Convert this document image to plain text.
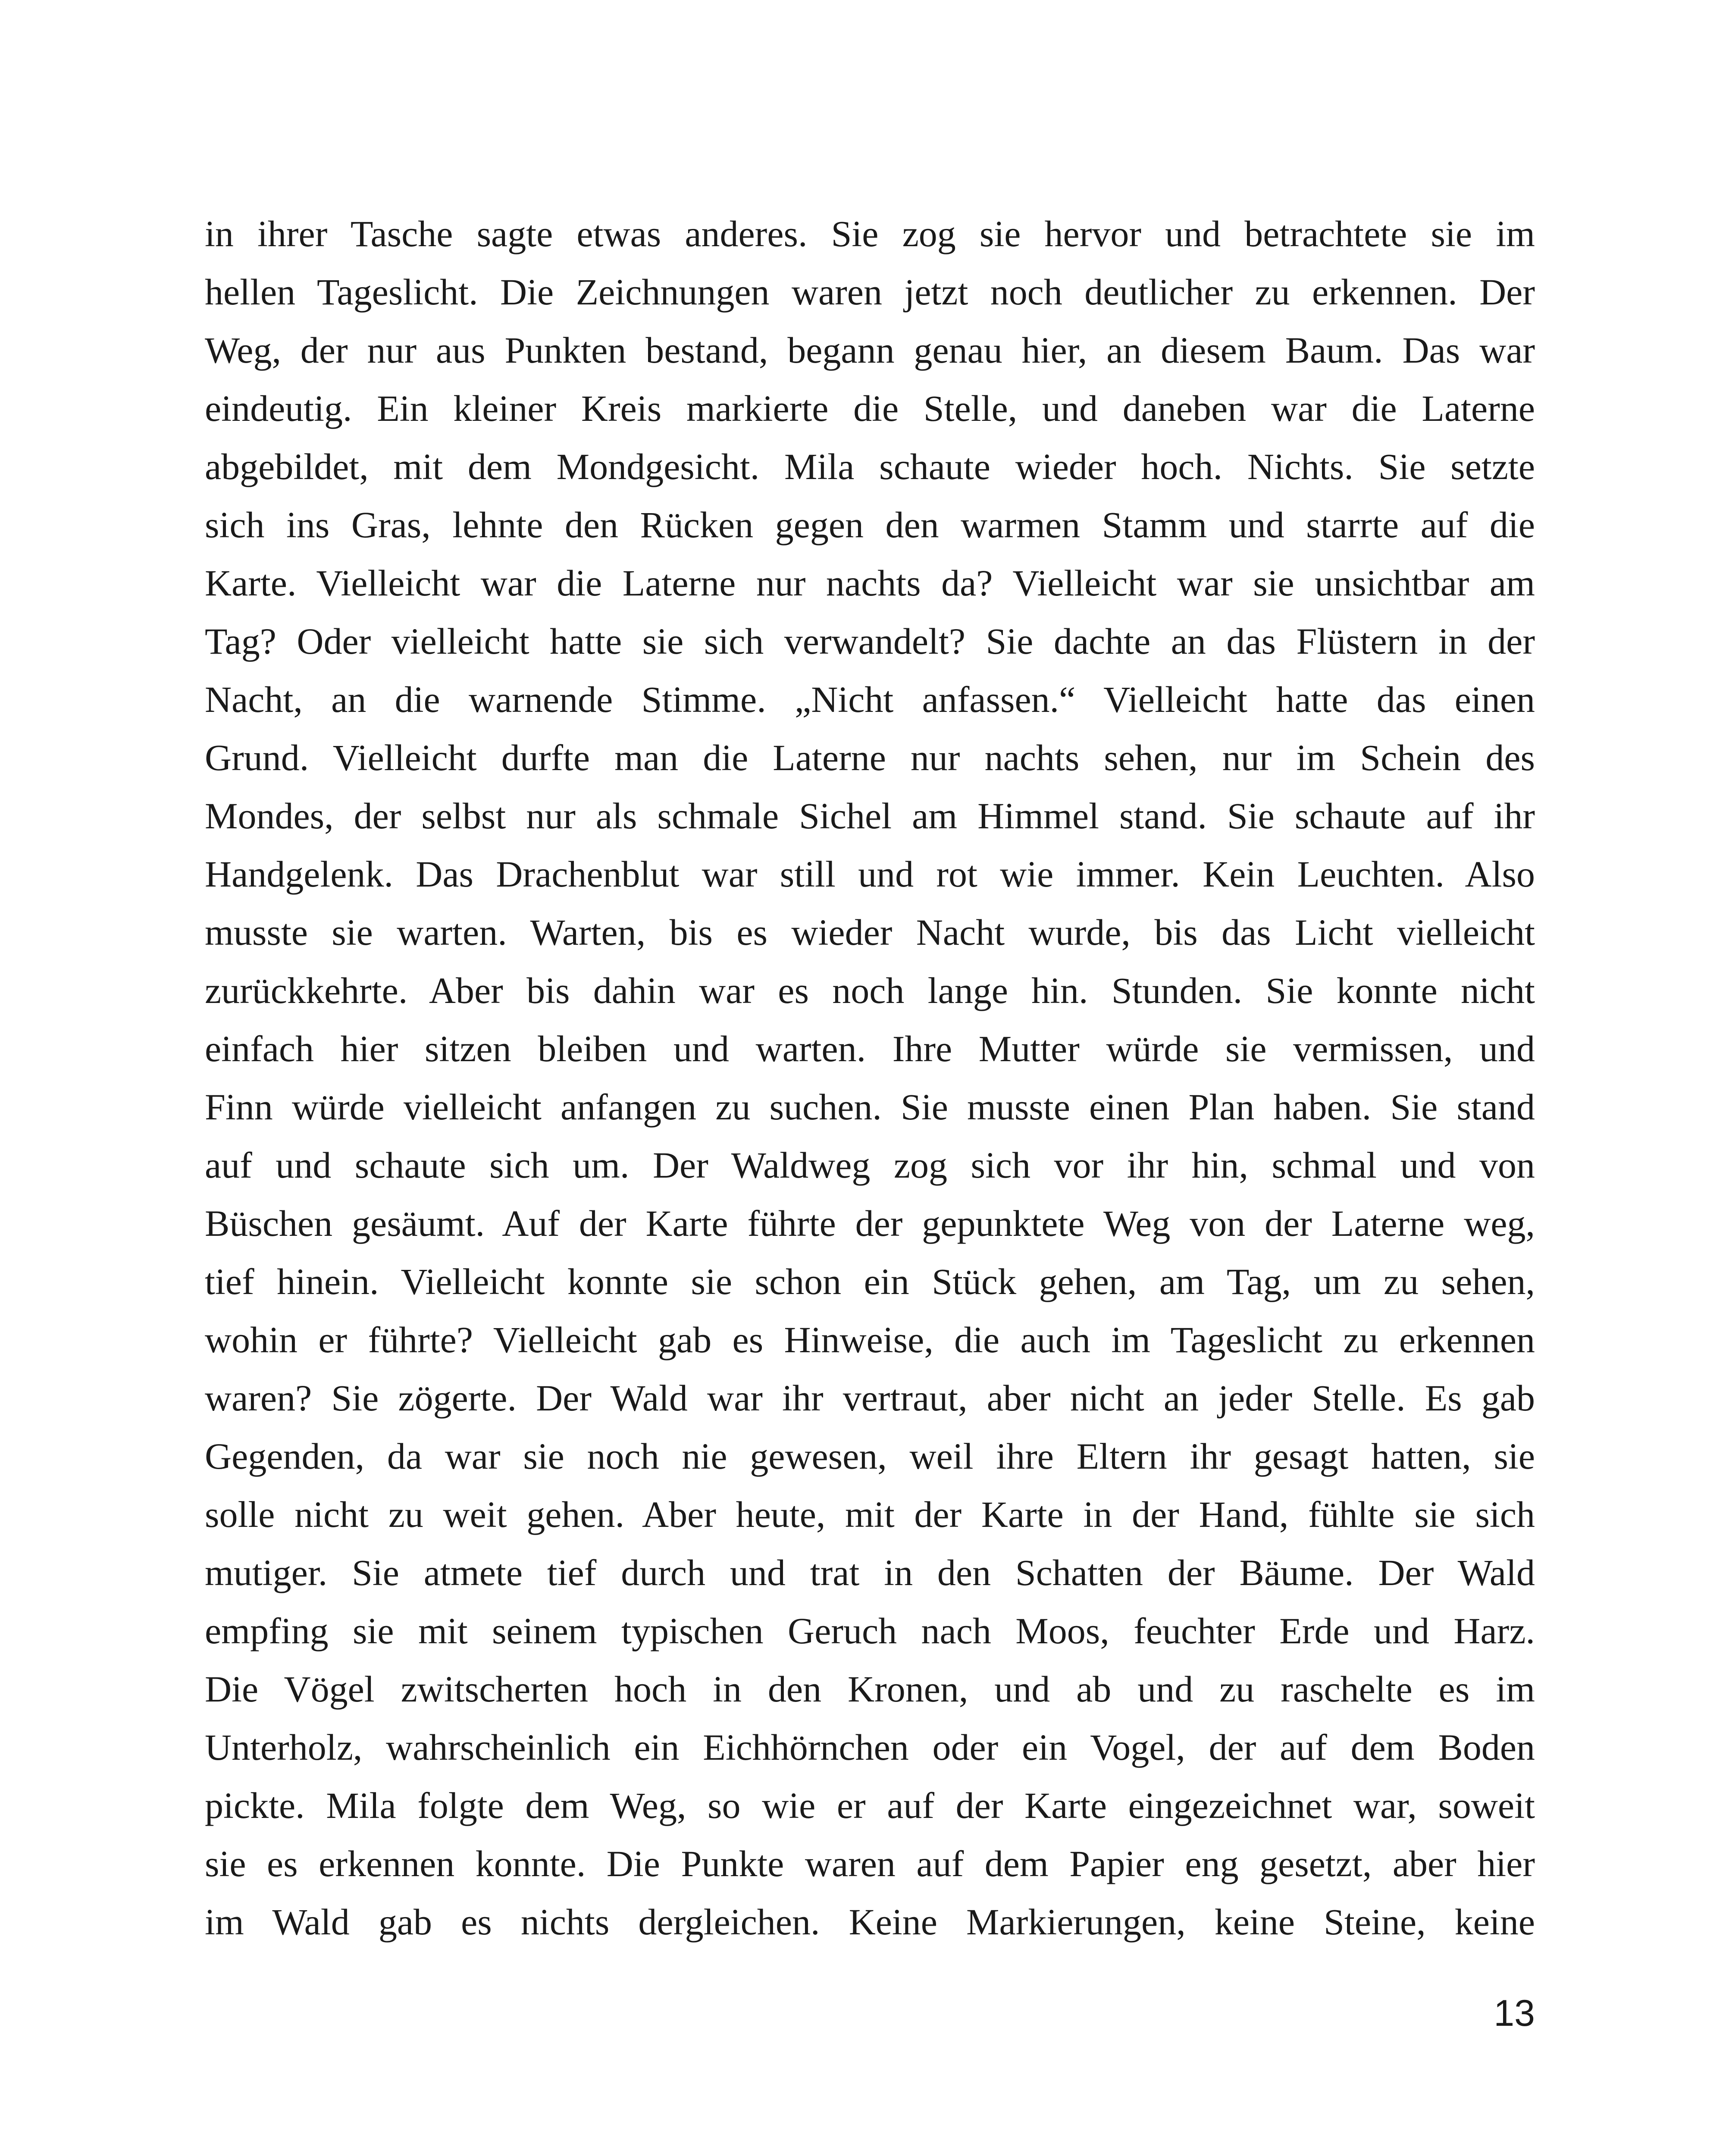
in ihrer Tasche sagte etwas anderes. Sie zog sie hervor und betrachtete sie im
hellen Tageslicht. Die Zeichnungen waren jetzt noch deutlicher zu erkennen. Der
Weg, der nur aus Punkten bestand, begann genau hier, an diesem Baum. Das war
eindeutig. Ein kleiner Kreis markierte die Stelle, und daneben war die Laterne
abgebildet, mit dem Mondgesicht. Mila schaute wieder hoch. Nichts. Sie setzte
sich ins Gras, lehnte den Rücken gegen den warmen Stamm und starrte auf die
Karte. Vielleicht war die Laterne nur nachts da? Vielleicht war sie unsichtbar am
Tag? Oder vielleicht hatte sie sich verwandelt? Sie dachte an das Flüstern in der
Nacht, an die warnende Stimme. „Nicht anfassen.“ Vielleicht hatte das einen
Grund. Vielleicht durfte man die Laterne nur nachts sehen, nur im Schein des
Mondes, der selbst nur als schmale Sichel am Himmel stand. Sie schaute auf ihr
Handgelenk. Das Drachenblut war still und rot wie immer. Kein Leuchten. Also
musste sie warten. Warten, bis es wieder Nacht wurde, bis das Licht vielleicht
zurückkehrte. Aber bis dahin war es noch lange hin. Stunden. Sie konnte nicht
einfach hier sitzen bleiben und warten. Ihre Mutter würde sie vermissen, und
Finn würde vielleicht anfangen zu suchen. Sie musste einen Plan haben. Sie stand
auf und schaute sich um. Der Waldweg zog sich vor ihr hin, schmal und von
Büschen gesäumt. Auf der Karte führte der gepunktete Weg von der Laterne weg,
tief hinein. Vielleicht konnte sie schon ein Stück gehen, am Tag, um zu sehen,
wohin er führte? Vielleicht gab es Hinweise, die auch im Tageslicht zu erkennen
waren? Sie zögerte. Der Wald war ihr vertraut, aber nicht an jeder Stelle. Es gab
Gegenden, da war sie noch nie gewesen, weil ihre Eltern ihr gesagt hatten, sie
solle nicht zu weit gehen. Aber heute, mit der Karte in der Hand, fühlte sie sich
mutiger. Sie atmete tief durch und trat in den Schatten der Bäume. Der Wald
empfing sie mit seinem typischen Geruch nach Moos, feuchter Erde und Harz.
Die Vögel zwitscherten hoch in den Kronen, und ab und zu raschelte es im
Unterholz, wahrscheinlich ein Eichhörnchen oder ein Vogel, der auf dem Boden
pickte. Mila folgte dem Weg, so wie er auf der Karte eingezeichnet war, soweit
sie es erkennen konnte. Die Punkte waren auf dem Papier eng gesetzt, aber hier
im Wald gab es nichts dergleichen. Keine Markierungen, keine Steine, keine
13
